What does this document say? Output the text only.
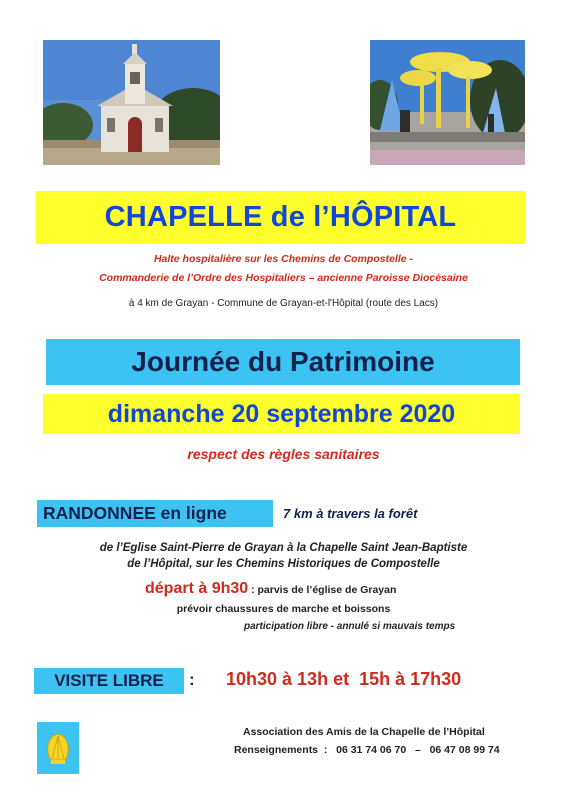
CHAPELLE de l’HÔPITAL
Halte hospitalière sur les Chemins de Compostelle -
Commanderie de l’Ordre des Hospitaliers – ancienne Paroisse Diocèsaine
à 4 km de Grayan - Commune de Grayan-et-l'Hôpital (route des Lacs)
Journée du Patrimoine
dimanche 20 septembre 2020
respect des règles sanitaires
RANDONNEE en ligne	7 km à travers la forêt
de l’Eglise Saint-Pierre de Grayan à la Chapelle Saint Jean-Baptiste
de l’Hôpital, sur les Chemins Historiques de Compostelle
départ à 9h30 : parvis de l’église de Grayan
prévoir chaussures de marche et boissons
participation libre - annulé si mauvais temps
VISITE LIBRE : 10h30 à 13h et  15h à 17h30
Association des Amis de la Chapelle de l’Hôpital
Renseignements  : 06 31 74 06 70 – 06 47 08 99 74
